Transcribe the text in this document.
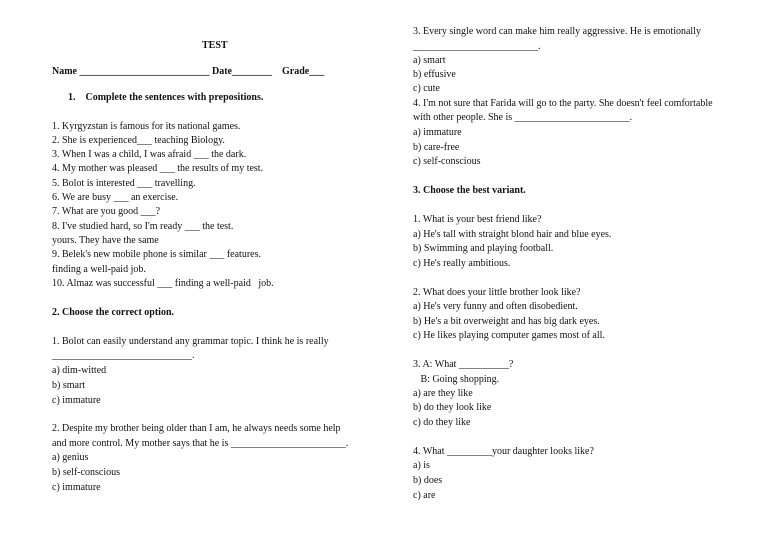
TEST
Name __________________________ Date________    Grade___
1.    Complete the sentences with prepositions.
1. Kyrgyzstan is famous for its national games.
2. She is experienced___ teaching Biology.
3. When I was a child, I was afraid ___ the dark.
4. My mother was pleased ___ the results of my test.
5. Bolot is interested ___ travelling.
6. We are busy ___ an exercise.
7. What are you good ___?
8. I've studied hard, so I'm ready ___ the test.
yours. They have the same
9. Belek's new mobile phone is similar ___ features.
finding a well-paid job.
10. Almaz was successful ___ finding a well-paid   job.
2. Choose the correct option.
1. Bolot can easily understand any grammar topic. I think he is really
____________________________.
a) dim-witted
b) smart
c) immature
2. Despite my brother being older than I am, he always needs some help
and more control. My mother says that he is _______________________.
a) genius
b) self-conscious
c) immature
3. Every single word can make him really aggressive. He is emotionally
_________________________.
a) smart
b) effusive
c) cute
4. I'm not sure that Farida will go to the party. She doesn't feel comfortable
with other people. She is _______________________.
a) immature
b) care-free
c) self-conscious
3. Choose the best variant.
1. What is your best friend like?
a) He's tall with straight blond hair and blue eyes.
b) Swimming and playing football.
c) He's really ambitious.
2. What does your little brother look like?
a) He's very funny and often disobedient.
b) He's a bit overweight and has big dark eyes.
c) He likes playing computer games most of all.
3. A: What __________?
B: Going shopping.
a) are they like
b) do they look like
c) do they like
4. What _________your daughter looks like?
a) is
b) does
c) are
